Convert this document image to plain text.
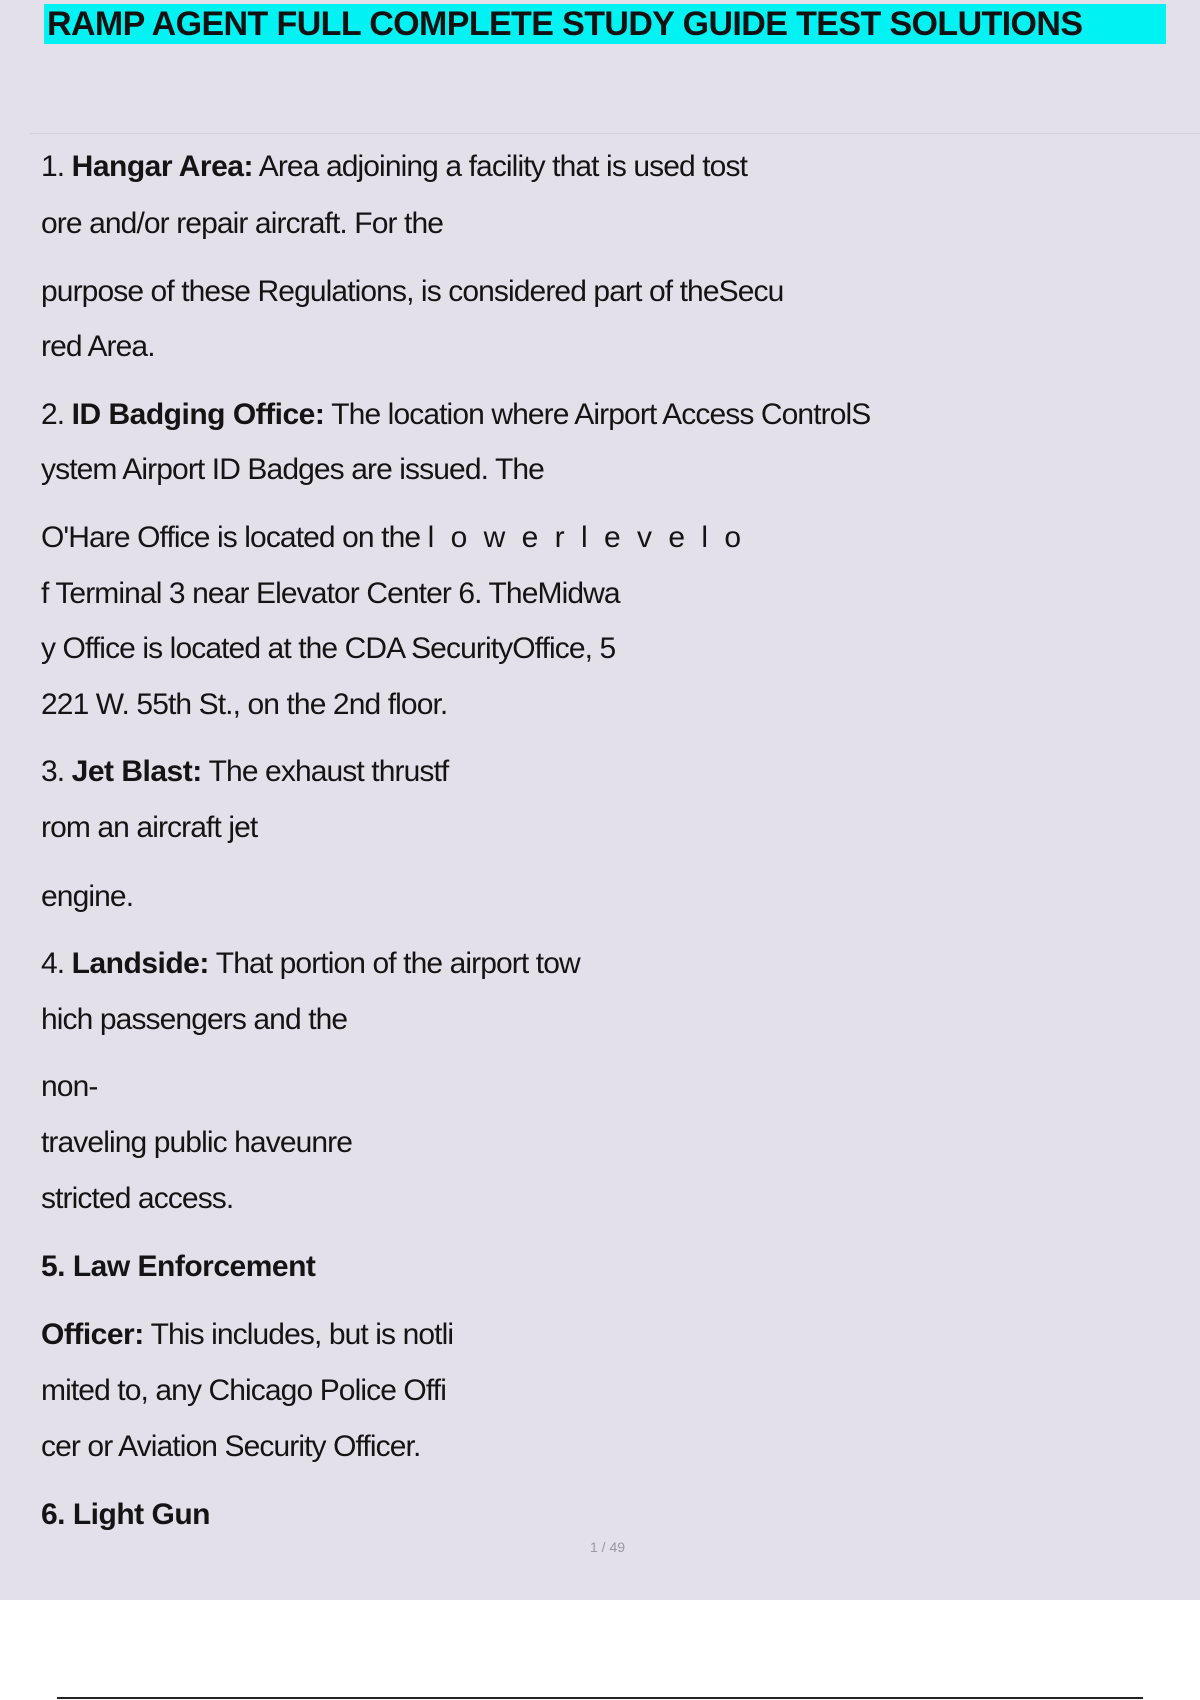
RAMP AGENT FULL COMPLETE STUDY GUIDE TEST SOLUTIONS

1. Hangar Area: Area adjoining a facility that is used tost

ore and/or repair aircraft. For the

purpose of these Regulations, is considered part of theSecu

red Area.

2. ID Badging Office: The location where Airport Access ControlS

ystem Airport ID Badges are issued. The

O'Hare Office is located on the l o w e r l e v e l o

f Terminal 3 near Elevator Center 6. TheMidwa

y Office is located at the CDA SecurityOffice, 5

221 W. 55th St., on the 2nd floor.

3. Jet Blast: The exhaust thrustf

rom an aircraft jet

engine.

4. Landside: That portion of the airport tow

hich passengers and the

non-

traveling public haveunre

stricted access.

5. Law Enforcement

Officer: This includes, but is notli

mited to, any Chicago Police Offi

cer or Aviation Security Officer.

6. Light Gun

1 / 49
